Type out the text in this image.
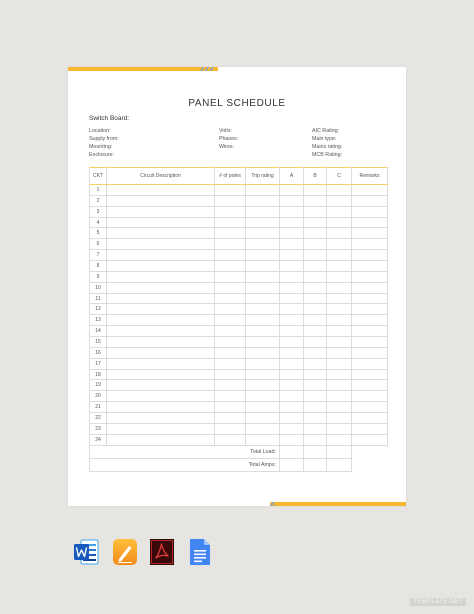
PANEL SCHEDULE
Switch Board:
Location:
Supply from:
Mounting:
Enclosure:
Volts:
Phases:
Wires:
AIC Rating:
Main type:
Mains rating:
MCB Rating:
CKT	Circuit Description	# of poles	Trip rating	A	B	C	Remarks
1							
2							
3							
4							
5							
6							
7							
8							
9							
10							
11							
12							
13							
14							
15							
16							
17							
18							
19							
20							
21							
22							
23							
24							
Total Load:			
Total Amps:			
TEMPLATE.NET
